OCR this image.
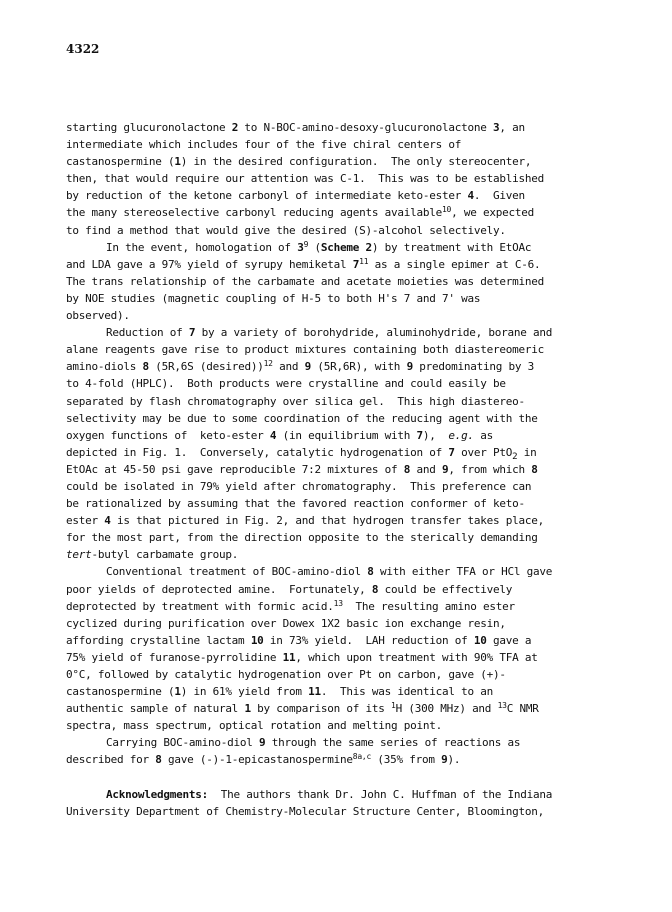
4322
starting glucuronolactone 2 to N-BOC-amino-desoxy-glucuronolactone 3, an
intermediate which includes four of the five chiral centers of
castanospermine (1) in the desired configuration.  The only stereocenter,
then, that would require our attention was C-1.  This was to be established
by reduction of the ketone carbonyl of intermediate keto-ester 4.  Given
the many stereoselective carbonyl reducing agents available$^{10}$, we expected
to find a method that would give the desired (S)-alcohol selectively.
In the event, homologation of $3^9$ (Scheme 2) by treatment with EtOAc
and LDA gave a 97% yield of syrupy hemiketal $7^{11}$ as a single epimer at C-6.
The trans relationship of the carbamate and acetate moieties was determined
by NOE studies (magnetic coupling of H-5 to both H's 7 and 7' was
observed).
Reduction of 7 by a variety of borohydride, aluminohydride, borane and
alane reagents gave rise to product mixtures containing both diastereomeric
amino-diols 8 (5R,6S (desired))$^{12}$ and 9 (5R,6R), with 9 predominating by 3
to 4-fold (HPLC).  Both products were crystalline and could easily be
separated by flash chromatography over silica gel.  This high diastereo-
selectivity may be due to some coordination of the reducing agent with the
oxygen functions of  keto-ester 4 (in equilibrium with 7),  e.g. as
depicted in Fig. 1.  Conversely, catalytic hydrogenation of 7 over PtO$_2$ in
EtOAc at 45-50 psi gave reproducible 7:2 mixtures of 8 and 9, from which 8
could be isolated in 79% yield after chromatography.  This preference can
be rationalized by assuming that the favored reaction conformer of keto-
ester 4 is that pictured in Fig. 2, and that hydrogen transfer takes place,
for the most part, from the direction opposite to the sterically demanding
tert-butyl carbamate group.
Conventional treatment of BOC-amino-diol 8 with either TFA or HCl gave
poor yields of deprotected amine.  Fortunately, 8 could be effectively
deprotected by treatment with formic acid.$^{13}$  The resulting amino ester
cyclized during purification over Dowex 1X2 basic ion exchange resin,
affording crystalline lactam 10 in 73% yield.  LAH reduction of 10 gave a
75% yield of furanose-pyrrolidine 11, which upon treatment with 90% TFA at
0°C, followed by catalytic hydrogenation over Pt on carbon, gave (+)-
castanospermine (1) in 61% yield from 11.  This was identical to an
authentic sample of natural 1 by comparison of its $^1$H (300 MHz) and $^{13}$C NMR
spectra, mass spectrum, optical rotation and melting point.
Carrying BOC-amino-diol 9 through the same series of reactions as
described for 8 gave (-)-1-epicastanospermine$^{8a,c}$ (35% from 9).
Acknowledgments:  The authors thank Dr. John C. Huffman of the Indiana
University Department of Chemistry-Molecular Structure Center, Bloomington,
